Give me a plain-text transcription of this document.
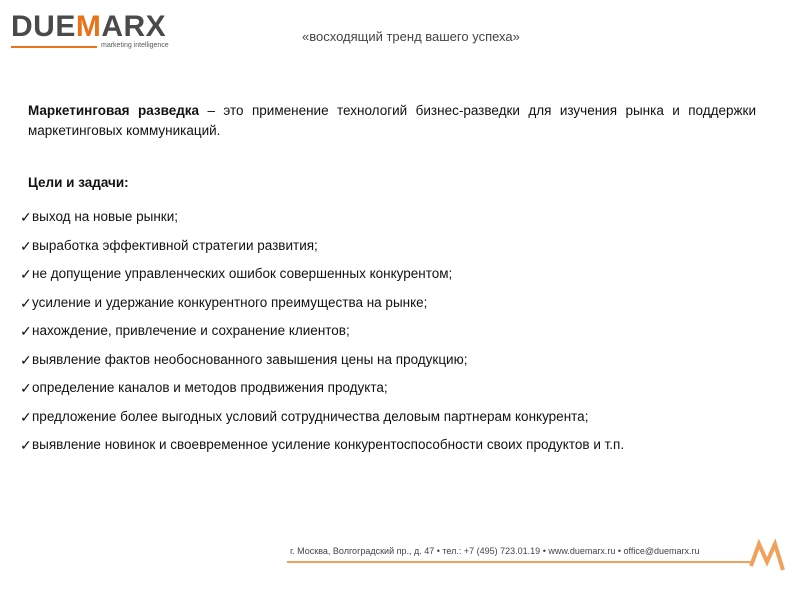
DUEMARX
marketing intelligence
«восходящий тренд вашего успеха»
Маркетинговая разведка – это применение технологий бизнес-разведки для изучения рынка и поддержки маркетинговых коммуникаций.
Цели и задачи:
✓ выход на новые рынки;
✓ выработка эффективной стратегии развития;
✓ не допущение управленческих ошибок совершенных конкурентом;
✓ усиление и удержание конкурентного преимущества на рынке;
✓ нахождение, привлечение и сохранение клиентов;
✓ выявление фактов необоснованного завышения цены на продукцию;
✓ определение каналов и методов продвижения продукта;
✓ предложение более выгодных условий сотрудничества деловым партнерам конкурента;
✓ выявление новинок и своевременное усиление конкурентоспособности своих продуктов и т.п.
г. Москва, Волгоградский пр., д. 47 • тел.: +7 (495) 723.01.19 • www.duemarx.ru • office@duemarx.ru
